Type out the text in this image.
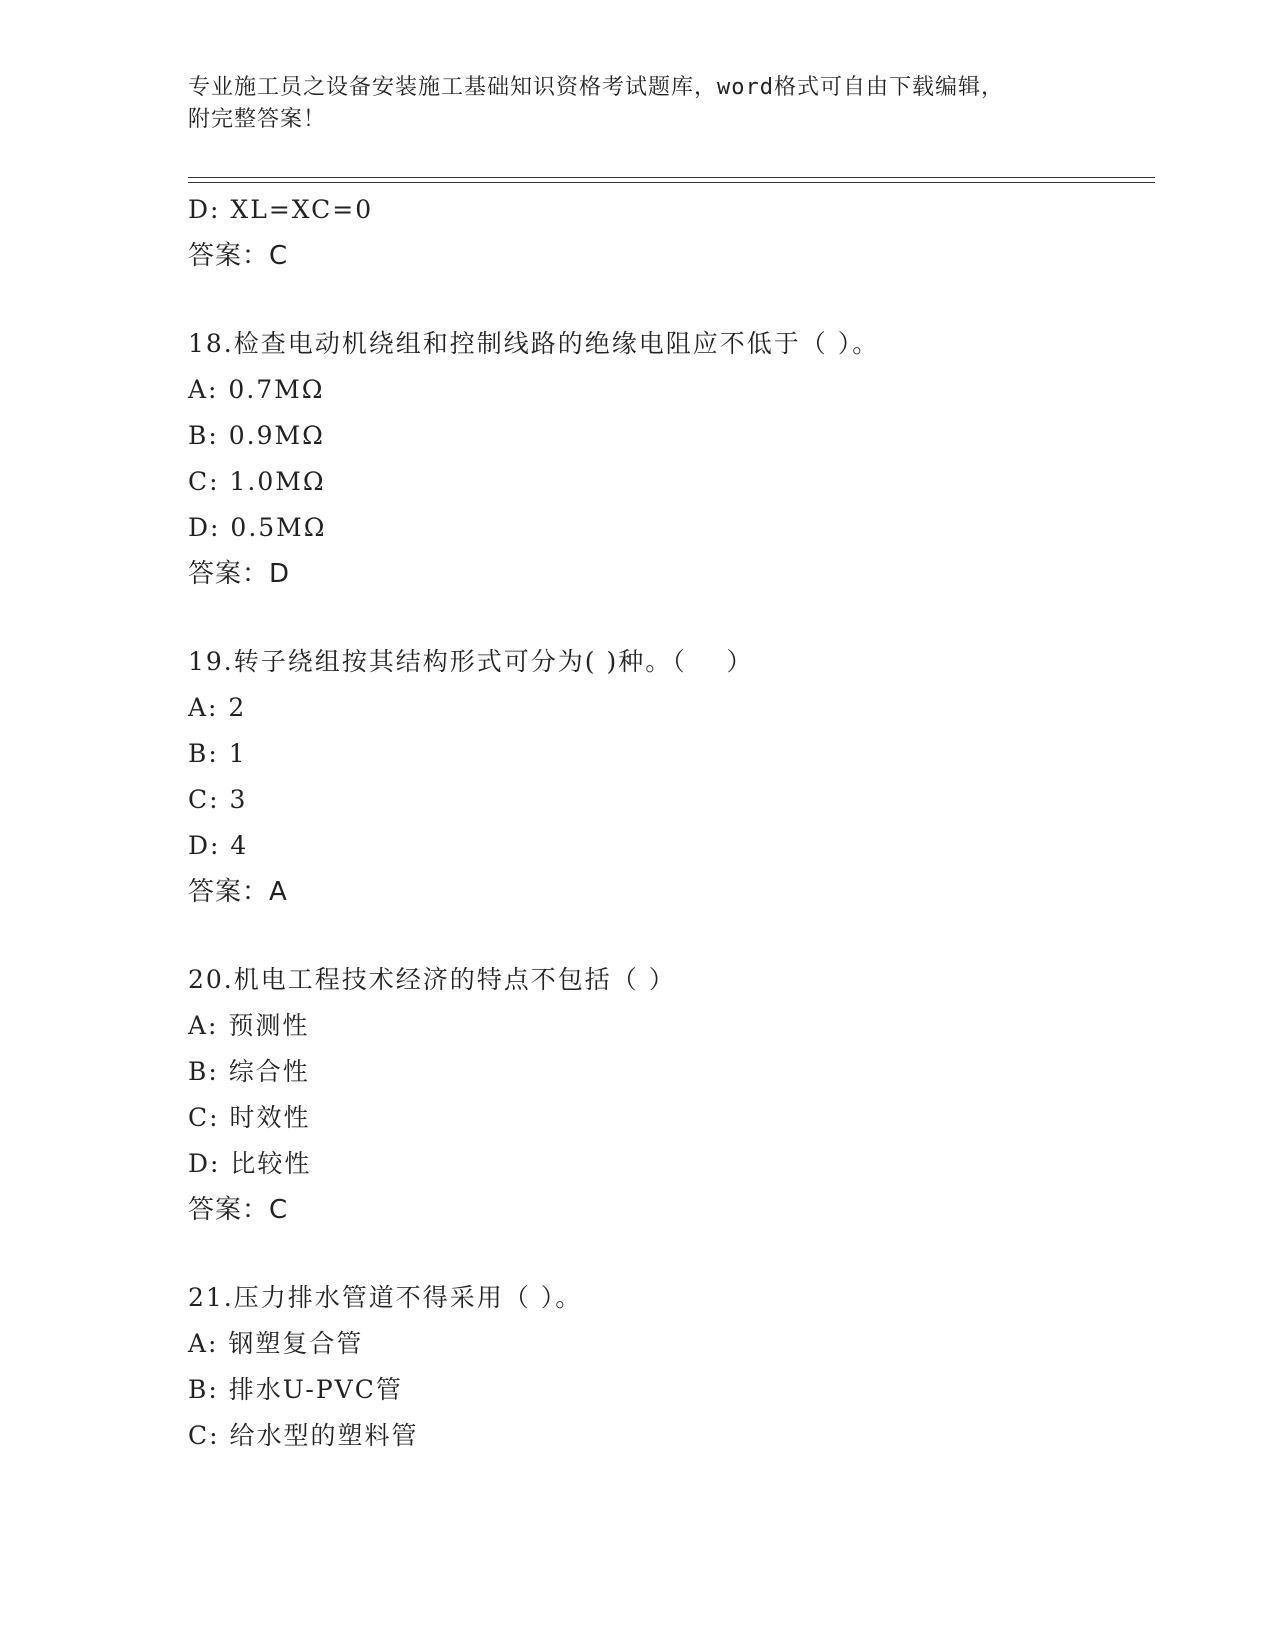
专业施工员之设备安装施工基础知识资格考试题库，word格式可自由下载编辑，
附完整答案！
D: XL=XC=0
答案：C
18.检查电动机绕组和控制线路的绝缘电阻应不低于（ ）。
A: 0.7MΩ
B: 0.9MΩ
C: 1.0MΩ
D: 0.5MΩ
答案：D
19.转子绕组按其结构形式可分为( )种。（    ）
A: 2
B: 1
C: 3
D: 4
答案：A
20.机电工程技术经济的特点不包括（ ）
A: 预测性
B: 综合性
C: 时效性
D: 比较性
答案：C
21.压力排水管道不得采用（ ）。
A: 钢塑复合管
B: 排水U-PVC管
C: 给水型的塑料管
